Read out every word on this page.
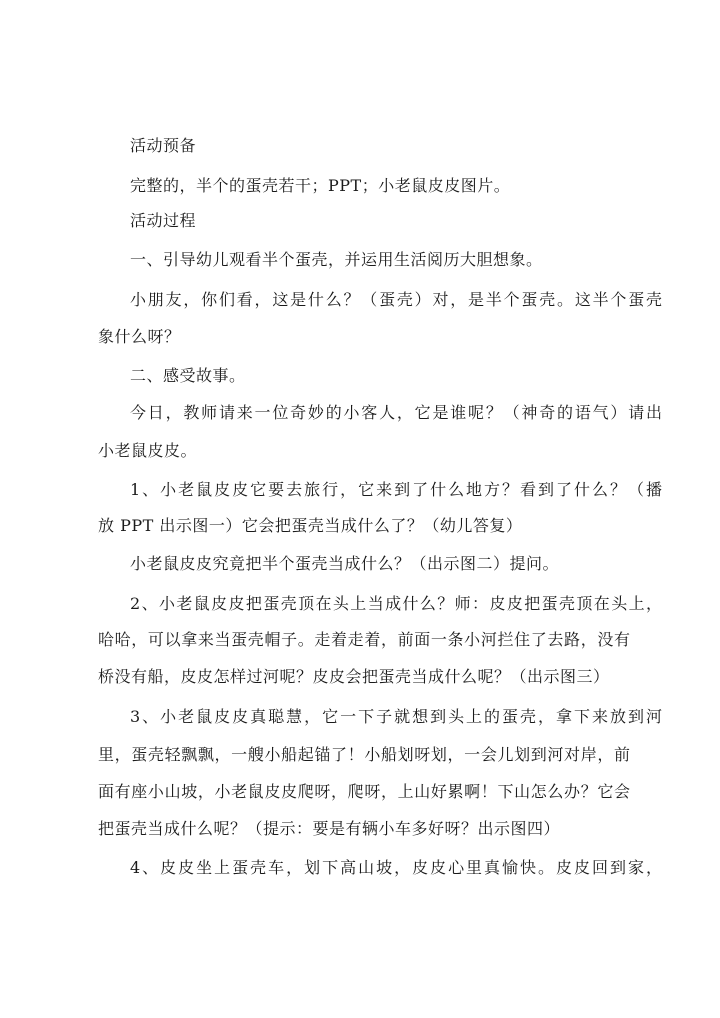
活动预备
完整的，半个的蛋壳若干；PPT；小老鼠皮皮图片。
活动过程
一、引导幼儿观看半个蛋壳，并运用生活阅历大胆想象。
小朋友，你们看，这是什么？（蛋壳）对，是半个蛋壳。这半个蛋壳
象什么呀？
二、感受故事。
今日，教师请来一位奇妙的小客人，它是谁呢？（神奇的语气）请出
小老鼠皮皮。
1、小老鼠皮皮它要去旅行，它来到了什么地方？看到了什么？（播
放 PPT 出示图一）它会把蛋壳当成什么了？（幼儿答复）
小老鼠皮皮究竟把半个蛋壳当成什么？（出示图二）提问。
2、小老鼠皮皮把蛋壳顶在头上当成什么？师：皮皮把蛋壳顶在头上，
哈哈，可以拿来当蛋壳帽子。走着走着，前面一条小河拦住了去路，没有
桥没有船，皮皮怎样过河呢？皮皮会把蛋壳当成什么呢？（出示图三）
3、小老鼠皮皮真聪慧，它一下子就想到头上的蛋壳，拿下来放到河
里，蛋壳轻飘飘，一艘小船起锚了！小船划呀划，一会儿划到河对岸，前
面有座小山坡，小老鼠皮皮爬呀，爬呀，上山好累啊！下山怎么办？它会
把蛋壳当成什么呢？（提示：要是有辆小车多好呀？出示图四）
4、皮皮坐上蛋壳车，划下高山坡，皮皮心里真愉快。皮皮回到家，
